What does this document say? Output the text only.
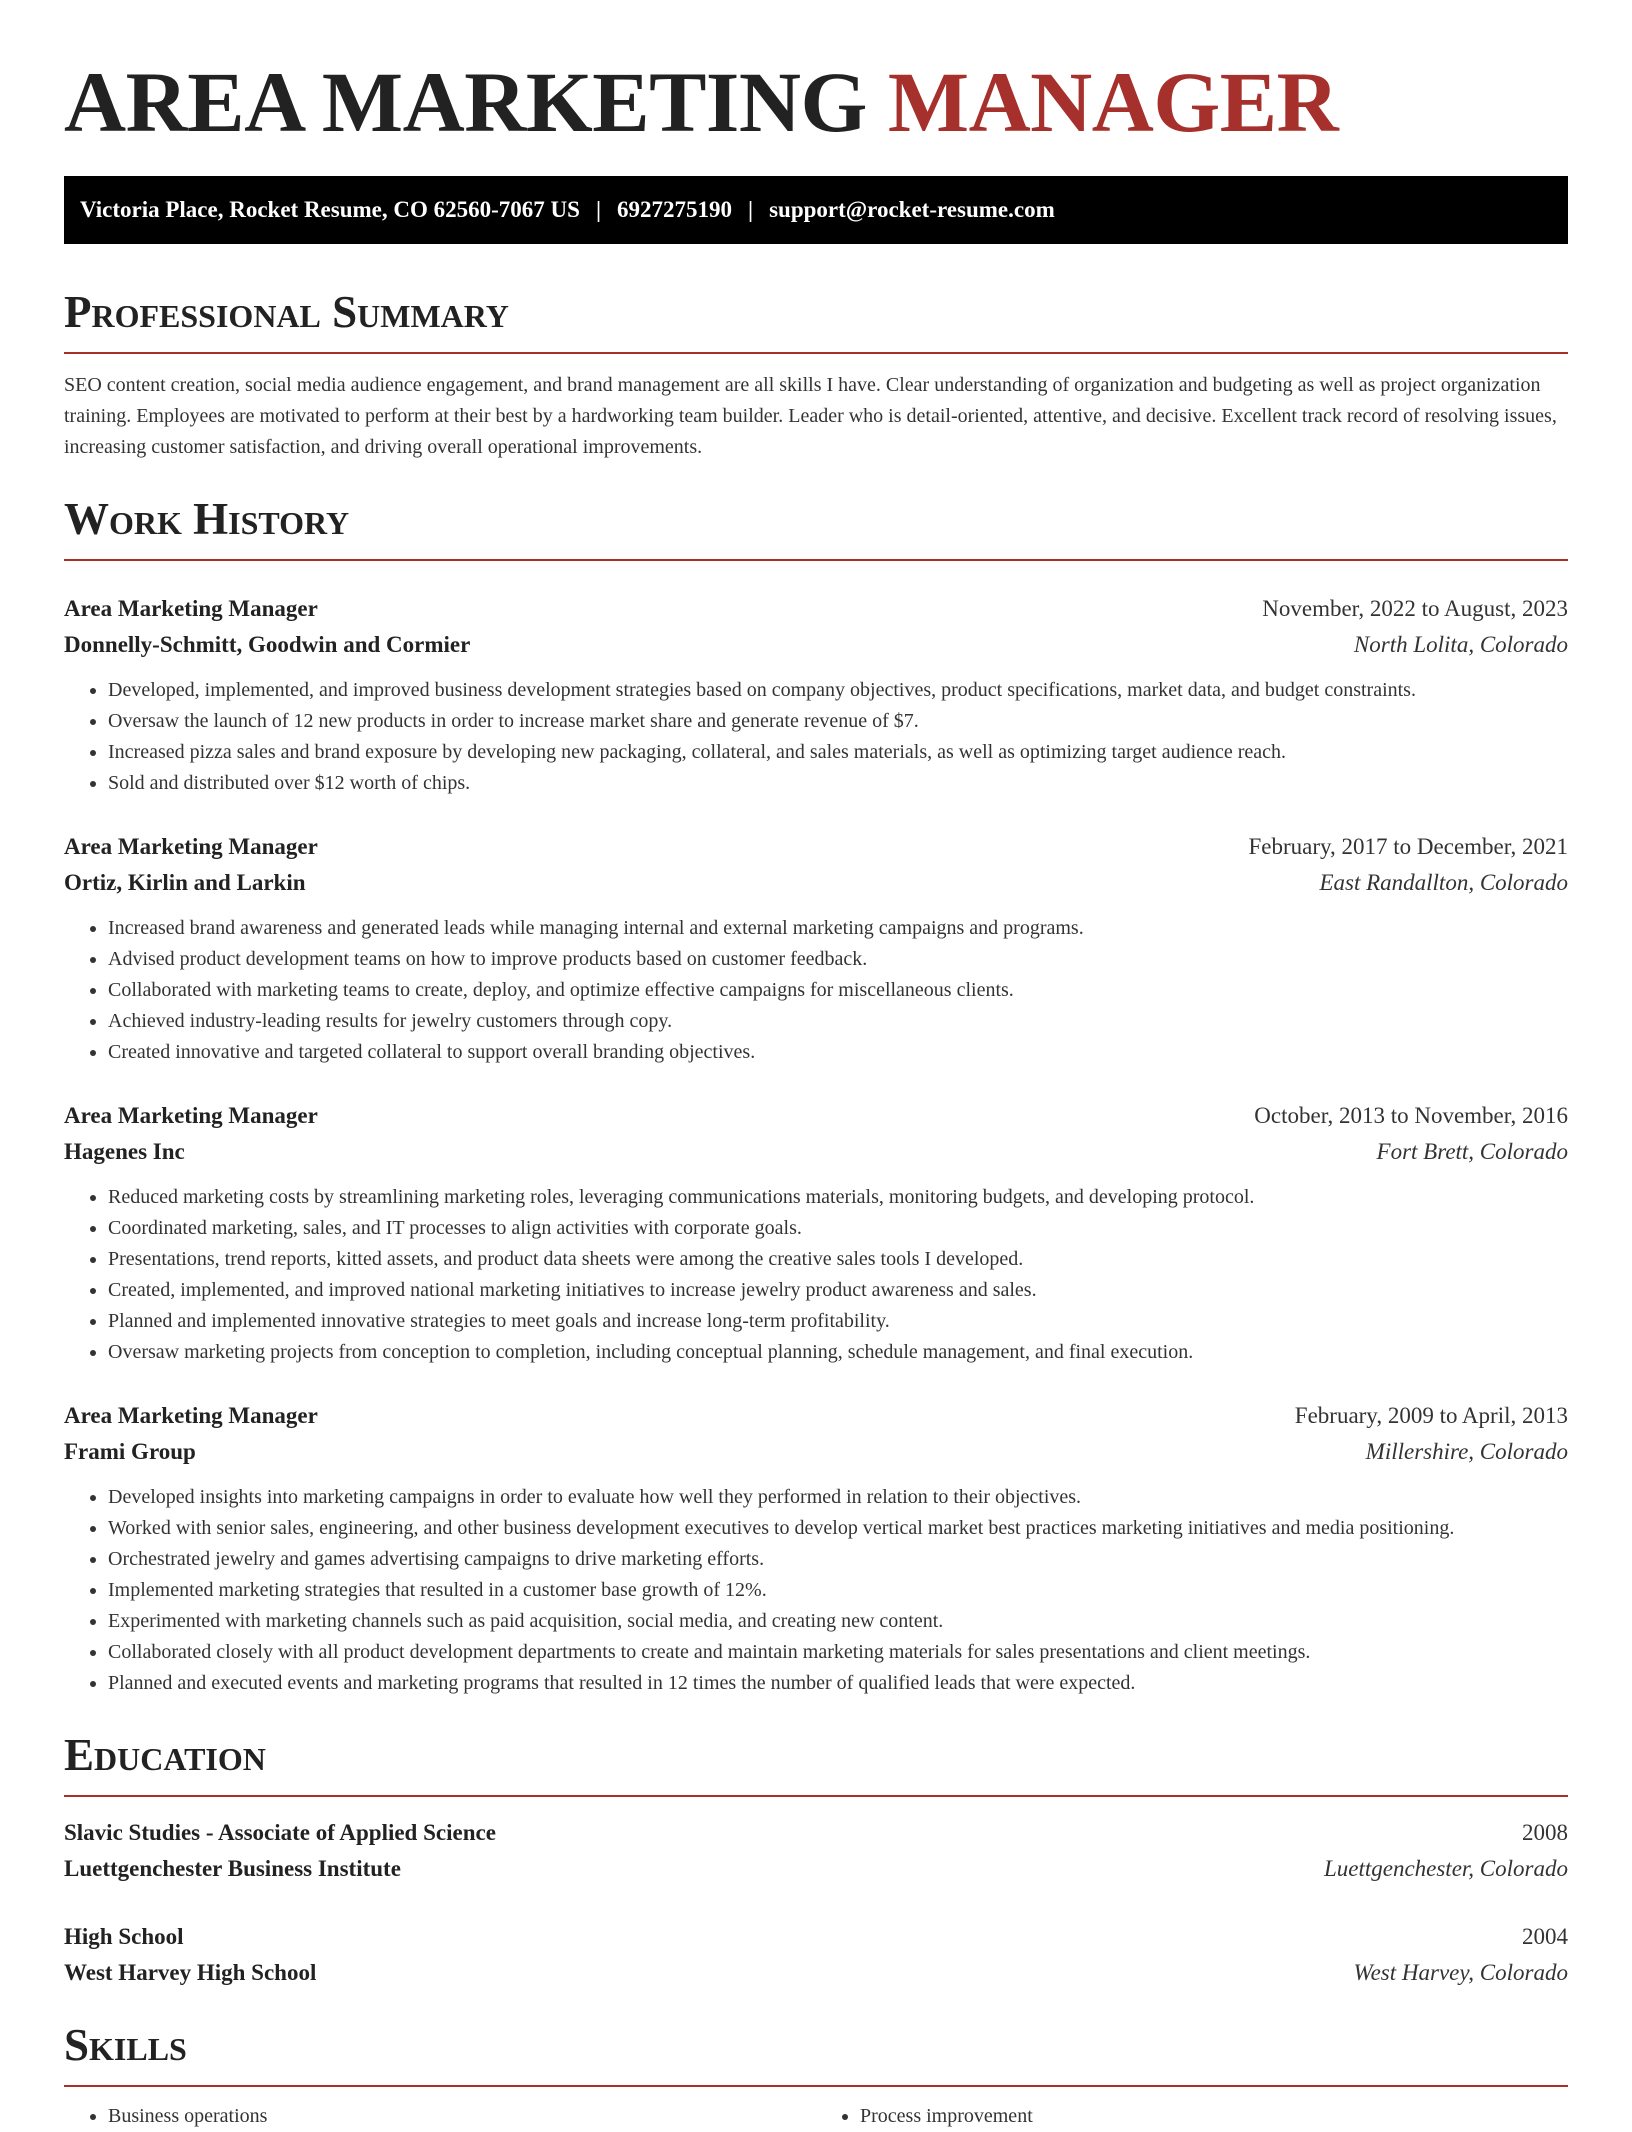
AREA MARKETING MANAGER
Victoria Place, Rocket Resume, CO 62560-7067 US | 6927275190 | support@rocket-resume.com
Professional Summary

SEO content creation, social media audience engagement, and brand management are all skills I have. Clear understanding of organization and budgeting as well as project organization training. Employees are motivated to perform at their best by a hardworking team builder. Leader who is detail-oriented, attentive, and decisive. Excellent track record of resolving issues, increasing customer satisfaction, and driving overall operational improvements.

Work History
Area Marketing Manager	November, 2022 to August, 2023
Donnelly-Schmitt, Goodwin and Cormier	North Lolita, Colorado
• Developed, implemented, and improved business development strategies based on company objectives, product specifications, market data, and budget constraints.
• Oversaw the launch of 12 new products in order to increase market share and generate revenue of $7.
• Increased pizza sales and brand exposure by developing new packaging, collateral, and sales materials, as well as optimizing target audience reach.
• Sold and distributed over $12 worth of chips.
Area Marketing Manager	February, 2017 to December, 2021
Ortiz, Kirlin and Larkin	East Randallton, Colorado
• Increased brand awareness and generated leads while managing internal and external marketing campaigns and programs.
• Advised product development teams on how to improve products based on customer feedback.
• Collaborated with marketing teams to create, deploy, and optimize effective campaigns for miscellaneous clients.
• Achieved industry-leading results for jewelry customers through copy.
• Created innovative and targeted collateral to support overall branding objectives.
Area Marketing Manager	October, 2013 to November, 2016
Hagenes Inc	Fort Brett, Colorado
• Reduced marketing costs by streamlining marketing roles, leveraging communications materials, monitoring budgets, and developing protocol.
• Coordinated marketing, sales, and IT processes to align activities with corporate goals.
• Presentations, trend reports, kitted assets, and product data sheets were among the creative sales tools I developed.
• Created, implemented, and improved national marketing initiatives to increase jewelry product awareness and sales.
• Planned and implemented innovative strategies to meet goals and increase long-term profitability.
• Oversaw marketing projects from conception to completion, including conceptual planning, schedule management, and final execution.
Area Marketing Manager	February, 2009 to April, 2013
Frami Group	Millershire, Colorado
• Developed insights into marketing campaigns in order to evaluate how well they performed in relation to their objectives.
• Worked with senior sales, engineering, and other business development executives to develop vertical market best practices marketing initiatives and media positioning.
• Orchestrated jewelry and games advertising campaigns to drive marketing efforts.
• Implemented marketing strategies that resulted in a customer base growth of 12%.
• Experimented with marketing channels such as paid acquisition, social media, and creating new content.
• Collaborated closely with all product development departments to create and maintain marketing materials for sales presentations and client meetings.
• Planned and executed events and marketing programs that resulted in 12 times the number of qualified leads that were expected.
Education
Slavic Studies - Associate of Applied Science	2008
Luettgenchester Business Institute	Luettgenchester, Colorado
High School	2004
West Harvey High School	West Harvey, Colorado
Skills
• Business operations
•	Process improvement
